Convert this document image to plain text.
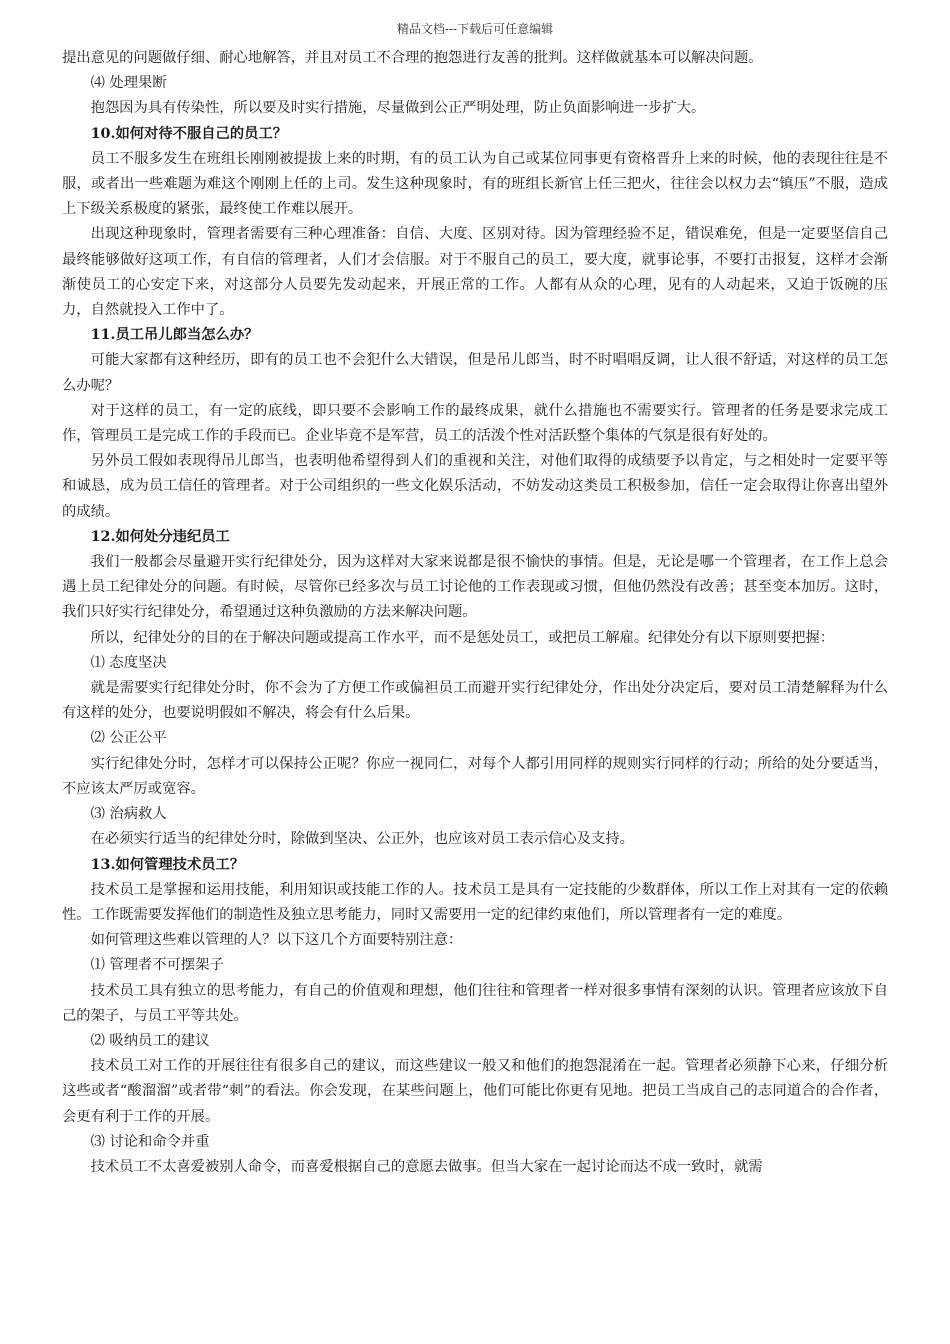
精品文档---下载后可任意编辑

提出意见的问题做仔细、耐心地解答，并且对员工不合理的抱怨进行友善的批判。这样做就基本可以解决问题。

⑷ 处理果断

抱怨因为具有传染性，所以要及时实行措施，尽量做到公正严明处理，防止负面影响进一步扩大。

10.如何对待不服自己的员工？

员工不服多发生在班组长刚刚被提拔上来的时期，有的员工认为自己或某位同事更有资格晋升上来的时候，他的表现往往是不服，或者出一些难题为难这个刚刚上任的上司。发生这种现象时，有的班组长新官上任三把火，往往会以权力去“镇压”不服，造成上下级关系极度的紧张，最终使工作难以展开。

出现这种现象时，管理者需要有三种心理准备：自信、大度、区别对待。因为管理经验不足，错误难免，但是一定要坚信自己最终能够做好这项工作，有自信的管理者，人们才会信服。对于不服自己的员工，要大度，就事论事，不要打击报复，这样才会渐渐使员工的心安定下来，对这部分人员要先发动起来，开展正常的工作。人都有从众的心理，见有的人动起来，又迫于饭碗的压力，自然就投入工作中了。

11.员工吊儿郎当怎么办？

可能大家都有这种经历，即有的员工也不会犯什么大错误，但是吊儿郎当，时不时唱唱反调，让人很不舒适，对这样的员工怎么办呢？

对于这样的员工，有一定的底线，即只要不会影响工作的最终成果，就什么措施也不需要实行。管理者的任务是要求完成工作，管理员工是完成工作的手段而已。企业毕竟不是军营，员工的活泼个性对活跃整个集体的气氛是很有好处的。

另外员工假如表现得吊儿郎当，也表明他希望得到人们的重视和关注，对他们取得的成绩要予以肯定，与之相处时一定要平等和诚恳，成为员工信任的管理者。对于公司组织的一些文化娱乐活动，不妨发动这类员工积极参加，信任一定会取得让你喜出望外的成绩。

12.如何处分违纪员工

我们一般都会尽量避开实行纪律处分，因为这样对大家来说都是很不愉快的事情。但是，无论是哪一个管理者，在工作上总会遇上员工纪律处分的问题。有时候，尽管你已经多次与员工讨论他的工作表现或习惯，但他仍然没有改善；甚至变本加厉。这时，我们只好实行纪律处分，希望通过这种负激励的方法来解决问题。

所以，纪律处分的目的在于解决问题或提高工作水平，而不是惩处员工，或把员工解雇。纪律处分有以下原则要把握：

⑴ 态度坚决

就是需要实行纪律处分时，你不会为了方便工作或偏袒员工而避开实行纪律处分，作出处分决定后，要对员工清楚解释为什么有这样的处分，也要说明假如不解决，将会有什么后果。

⑵ 公正公平

实行纪律处分时，怎样才可以保持公正呢？你应一视同仁，对每个人都引用同样的规则实行同样的行动；所给的处分要适当，不应该太严厉或宽容。

⑶ 治病救人

在必须实行适当的纪律处分时，除做到坚决、公正外，也应该对员工表示信心及支持。

13.如何管理技术员工？

技术员工是掌握和运用技能，利用知识或技能工作的人。技术员工是具有一定技能的少数群体，所以工作上对其有一定的依赖性。工作既需要发挥他们的制造性及独立思考能力，同时又需要用一定的纪律约束他们，所以管理者有一定的难度。

如何管理这些难以管理的人？以下这几个方面要特别注意：

⑴ 管理者不可摆架子

技术员工具有独立的思考能力，有自己的价值观和理想，他们往往和管理者一样对很多事情有深刻的认识。管理者应该放下自己的架子，与员工平等共处。

⑵ 吸纳员工的建议

技术员工对工作的开展往往有很多自己的建议，而这些建议一般又和他们的抱怨混淆在一起。管理者必须静下心来，仔细分析这些或者“酸溜溜”或者带“刺”的看法。你会发现，在某些问题上，他们可能比你更有见地。把员工当成自己的志同道合的合作者，会更有利于工作的开展。

⑶ 讨论和命令并重

技术员工不太喜爱被别人命令，而喜爱根据自己的意愿去做事。但当大家在一起讨论而达不成一致时，就需
